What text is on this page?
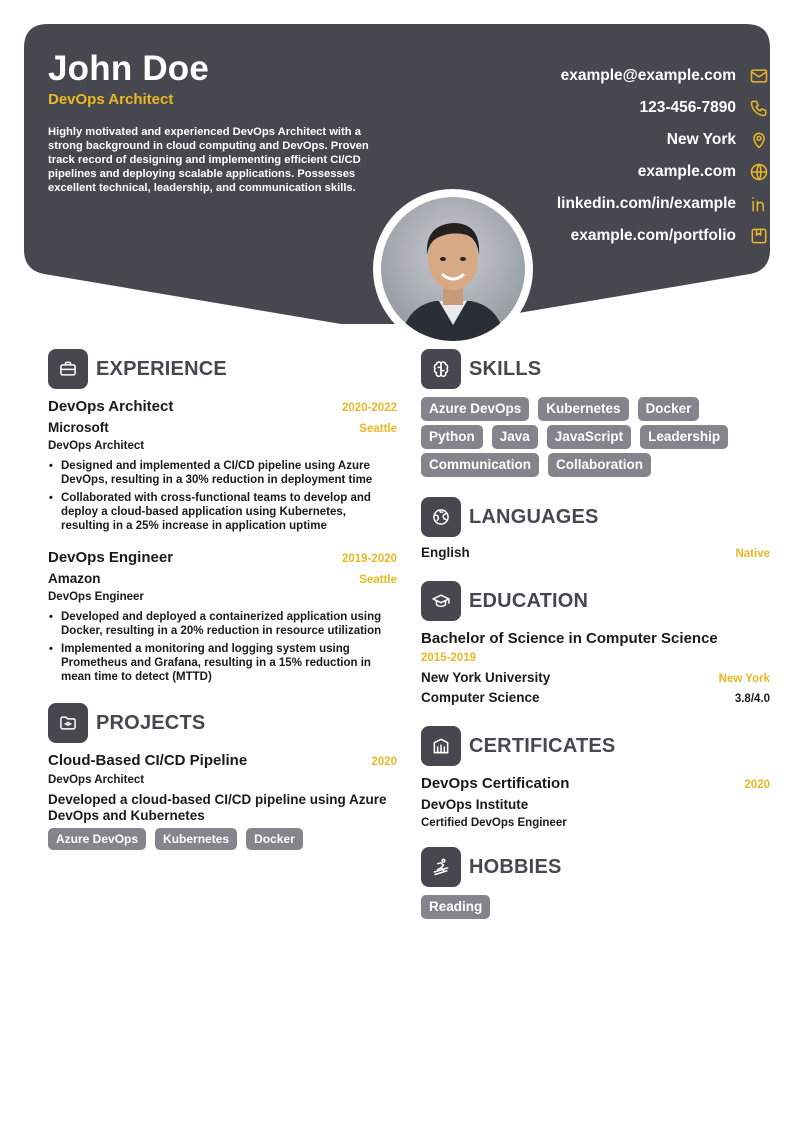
John Doe
DevOps Architect
Highly motivated and experienced DevOps Architect with a strong background in cloud computing and DevOps. Proven track record of designing and implementing efficient CI/CD pipelines and deploying scalable applications. Possesses excellent technical, leadership, and communication skills.
example@example.com
123-456-7890
New York
example.com
linkedin.com/in/example
example.com/portfolio
EXPERIENCE
DevOps Architect	2020-2022
Microsoft	Seattle
DevOps Architect
• Designed and implemented a CI/CD pipeline using Azure DevOps, resulting in a 30% reduction in deployment time
• Collaborated with cross-functional teams to develop and deploy a cloud-based application using Kubernetes, resulting in a 25% increase in application uptime
DevOps Engineer	2019-2020
Amazon	Seattle
DevOps Engineer
• Developed and deployed a containerized application using Docker, resulting in a 20% reduction in resource utilization
• Implemented a monitoring and logging system using Prometheus and Grafana, resulting in a 15% reduction in mean time to detect (MTTD)
PROJECTS
Cloud-Based CI/CD Pipeline	2020
DevOps Architect
Developed a cloud-based CI/CD pipeline using Azure DevOps and Kubernetes
Azure DevOps	Kubernetes	Docker
SKILLS
Azure DevOps	Kubernetes	Docker
Python	Java	JavaScript	Leadership
Communication	Collaboration
LANGUAGES
English	Native
EDUCATION
Bachelor of Science in Computer Science
2015-2019
New York University	New York
Computer Science	3.8/4.0
CERTIFICATES
DevOps Certification	2020
DevOps Institute
Certified DevOps Engineer
HOBBIES
Reading
